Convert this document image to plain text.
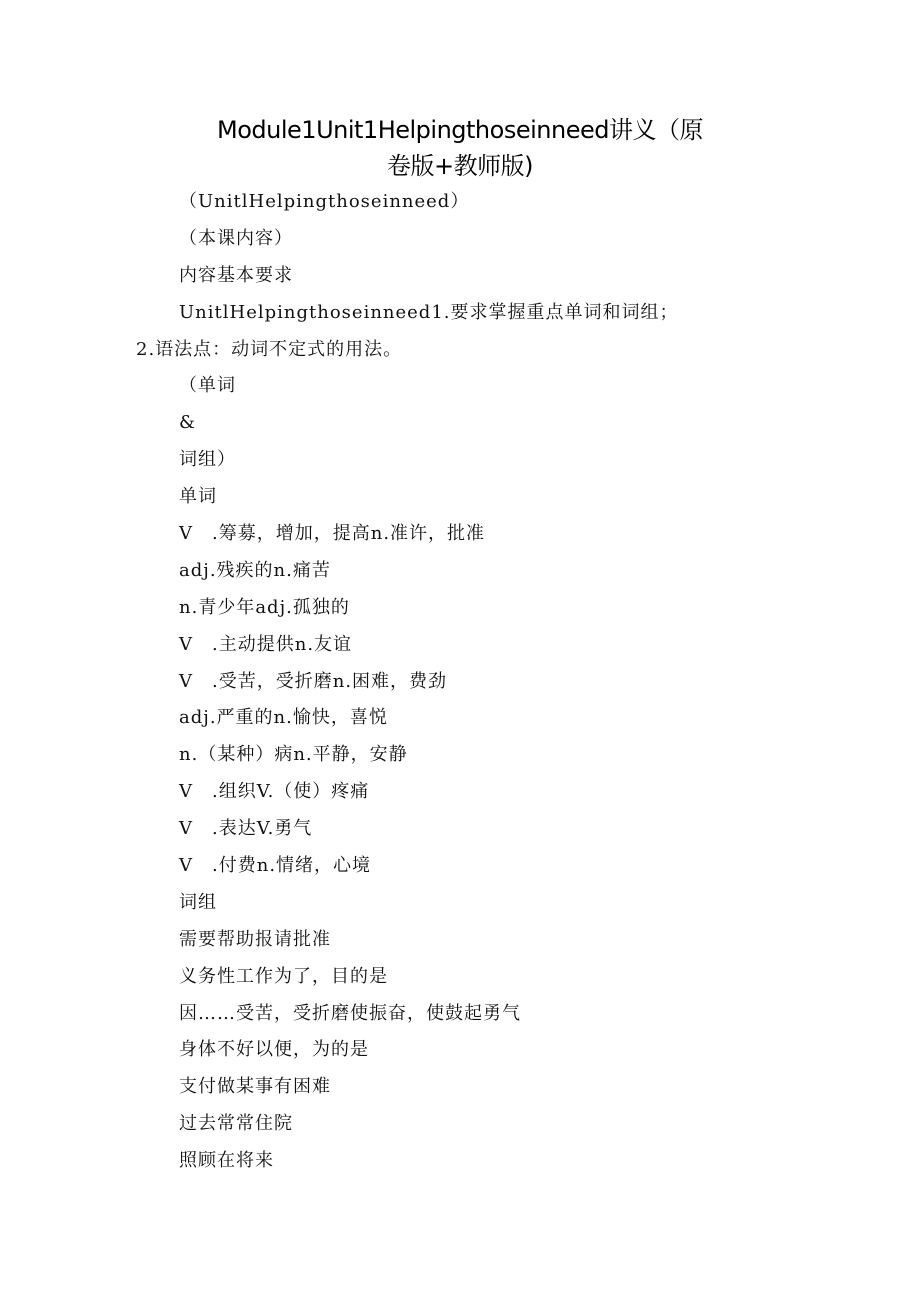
Module1Unit1Helpingthoseinneed讲义（原
卷版+教师版)
（UnitlHelpingthoseinneed）
（本课内容）
内容基本要求
UnitlHelpingthoseinneed1.要求掌握重点单词和词组；
2.语法点：动词不定式的用法。
（单词
&
词组）
单词
V　.筹募，增加，提高n.准许，批准
adj.残疾的n.痛苦
n.青少年adj.孤独的
V　.主动提供n.友谊
V　.受苦，受折磨n.困难，费劲
adj.严重的n.愉快，喜悦
n.（某种）病n.平静，安静
V　.组织V.（使）疼痛
V　.表达V.勇气
V　.付费n.情绪，心境
词组
需要帮助报请批准
义务性工作为了，目的是
因……受苦，受折磨使振奋，使鼓起勇气
身体不好以便，为的是
支付做某事有困难
过去常常住院
照顾在将来
